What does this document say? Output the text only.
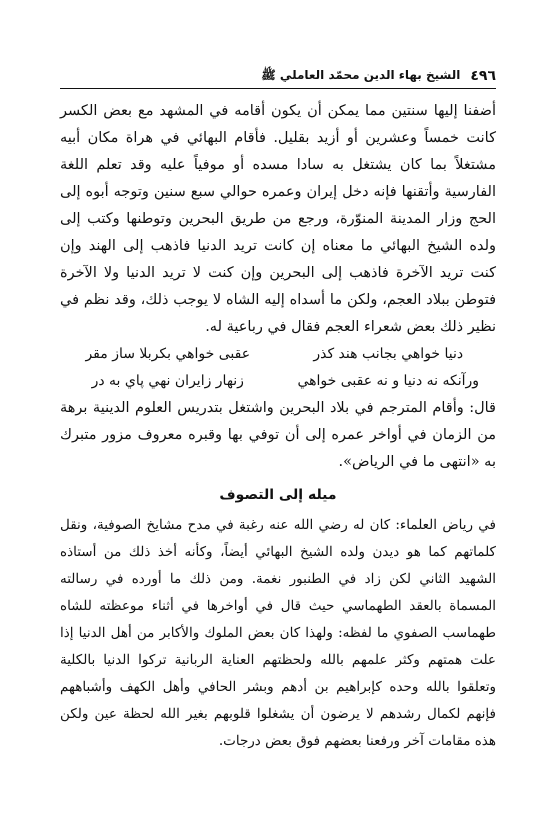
٤٩٦
الشيخ بهاء الدين محمّد العاملي ﷺ

أضفنا إليها سنتين مما يمكن أن يكون أقامه في المشهد مع بعض الكسر كانت خمساً وعشرين أو أزيد بقليل. فأقام البهائي في هراة مكان أبيه مشتغلاً بما كان يشتغل به سادا مسده أو موفياً عليه وقد تعلم اللغة الفارسية وأتقنها فإنه دخل إيران وعمره حوالي سبع سنين وتوجه أبوه إلى الحج وزار المدينة المنوّرة، ورجع من طريق البحرين وتوطنها وكتب إلى ولده الشيخ البهائي ما معناه إن كانت تريد الدنيا فاذهب إلى الهند وإن كنت تريد الآخرة فاذهب إلى البحرين وإن كنت لا تريد الدنيا ولا الآخرة فتوطن ببلاد العجم، ولكن ما أسداه إليه الشاه لا يوجب ذلك، وقد نظم في نظير ذلك بعض شعراء العجم فقال في رباعية له.

دنيا خواهي بجانب هند كذر
عقبى خواهي بكربلا ساز مقر
ورآنكه نه دنيا و نه عقبى خواهي
زنهار زايران نهي پاي به در

قال: وأقام المترجم في بلاد البحرين واشتغل بتدريس العلوم الدينية برهة من الزمان في أواخر عمره إلى أن توفي بها وقبره معروف مزور متبرك به «انتهى ما في الرياض».

ميله إلى التصوف

في رياض العلماء: كان له رضي الله عنه رغبة في مدح مشايخ الصوفية، ونقل كلماتهم كما هو ديدن ولده الشيخ البهائي أيضاً، وكأنه أخذ ذلك من أستاذه الشهيد الثاني لكن زاد في الطنبور نغمة. ومن ذلك ما أورده في رسالته المسماة بالعقد الطهماسي حيث قال في أواخرها في أثناء موعظته للشاه طهماسب الصفوي ما لفظه: ولهذا كان بعض الملوك والأكابر من أهل الدنيا إذا علت همتهم وكثر علمهم بالله ولحظتهم العناية الربانية تركوا الدنيا بالكلية وتعلقوا بالله وحده كإبراهيم بن أدهم وبشر الحافي وأهل الكهف وأشباههم فإنهم لكمال رشدهم لا يرضون أن يشغلوا قلوبهم بغير الله لحظة عين ولكن هذه مقامات آخر ورفعنا بعضهم فوق بعض درجات.
